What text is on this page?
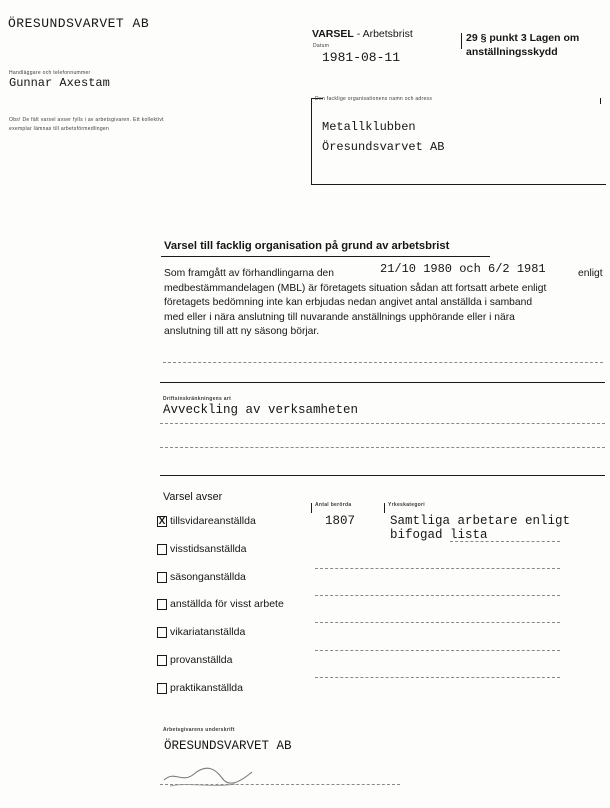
ÖRESUNDSVARVET AB
Handläggare och telefonnummer
Gunnar Axestam
Obs! De fält varsel avser fylls i av arbetsgivaren. Ett kollektivt
exemplar lämnas till arbetsförmedlingen
VARSEL - Arbetsbrist
Datum
1981-08-11
29 § punkt 3 Lagen om
anställningsskydd
Den facklige organisationens namn och adress
Metallklubben
Öresundsvarvet AB
Varsel till facklig organisation på grund av arbetsbrist
Som framgått av förhandlingarna den	21/10 1980 och 6/2 1981	enligt
medbestämmandelagen (MBL) är företagets situation sådan att fortsatt arbete enligt
företagets bedömning inte kan erbjudas nedan angivet antal anställda i samband
med eller i nära anslutning till nuvarande anställnings upphörande eller i nära
anslutning till att ny säsong börjar.
Driftsinskränkningens art
Avveckling av verksamheten
Varsel avser
Antal berörda	Yrkeskategori
1807	Samtliga arbetare enligt
bifogad lista
X tillsvidareanställda
visstidsanställda
säsonganställda
anställda för visst arbete
vikariatanställda
provanställda
praktikanställda
Arbetsgivarens underskrift
ÖRESUNDSVARVET AB
